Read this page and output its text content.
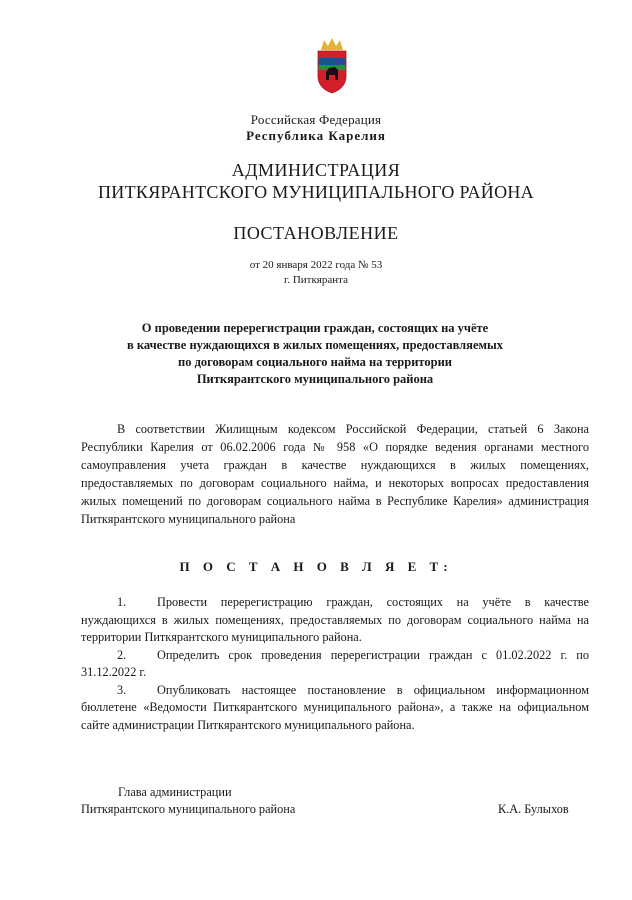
Российская Федерация
Республика Карелия
АДМИНИСТРАЦИЯ
ПИТКЯРАНТСКОГО МУНИЦИПАЛЬНОГО РАЙОНА
ПОСТАНОВЛЕНИЕ
от 20 января 2022 года № 53
г. Питкяранта
О проведении перерегистрации граждан, состоящих на учёте
в качестве нуждающихся в жилых помещениях, предоставляемых
по договорам социального найма на территории
Питкярантского муниципального района
В соответствии Жилищным кодексом Российской Федерации, статьей 6 Закона Республики Карелия от 06.02.2006 года № 958 «О порядке ведения органами местного самоуправления учета граждан в качестве нуждающихся в жилых помещениях, предоставляемых по договорам социального найма, и некоторых вопросах предоставления жилых помещений по договорам социального найма в Республике Карелия» администрация Питкярантского муниципального района
П О С Т А Н О В Л Я Е Т:

1.	Провести перерегистрацию граждан, состоящих на учёте в качестве нуждающихся в жилых помещениях, предоставляемых по договорам социального найма на территории Питкярантского муниципального района.

2.	Определить срок проведения перерегистрации граждан с 01.02.2022 г. по 31.12.2022 г.

3.	Опубликовать настоящее постановление в официальном информационном бюллетене «Ведомости Питкярантского муниципального района», а также на официальном сайте администрации Питкярантского муниципального района.

Глава администрации
Питкярантского муниципального района	К.А. Булыхов
